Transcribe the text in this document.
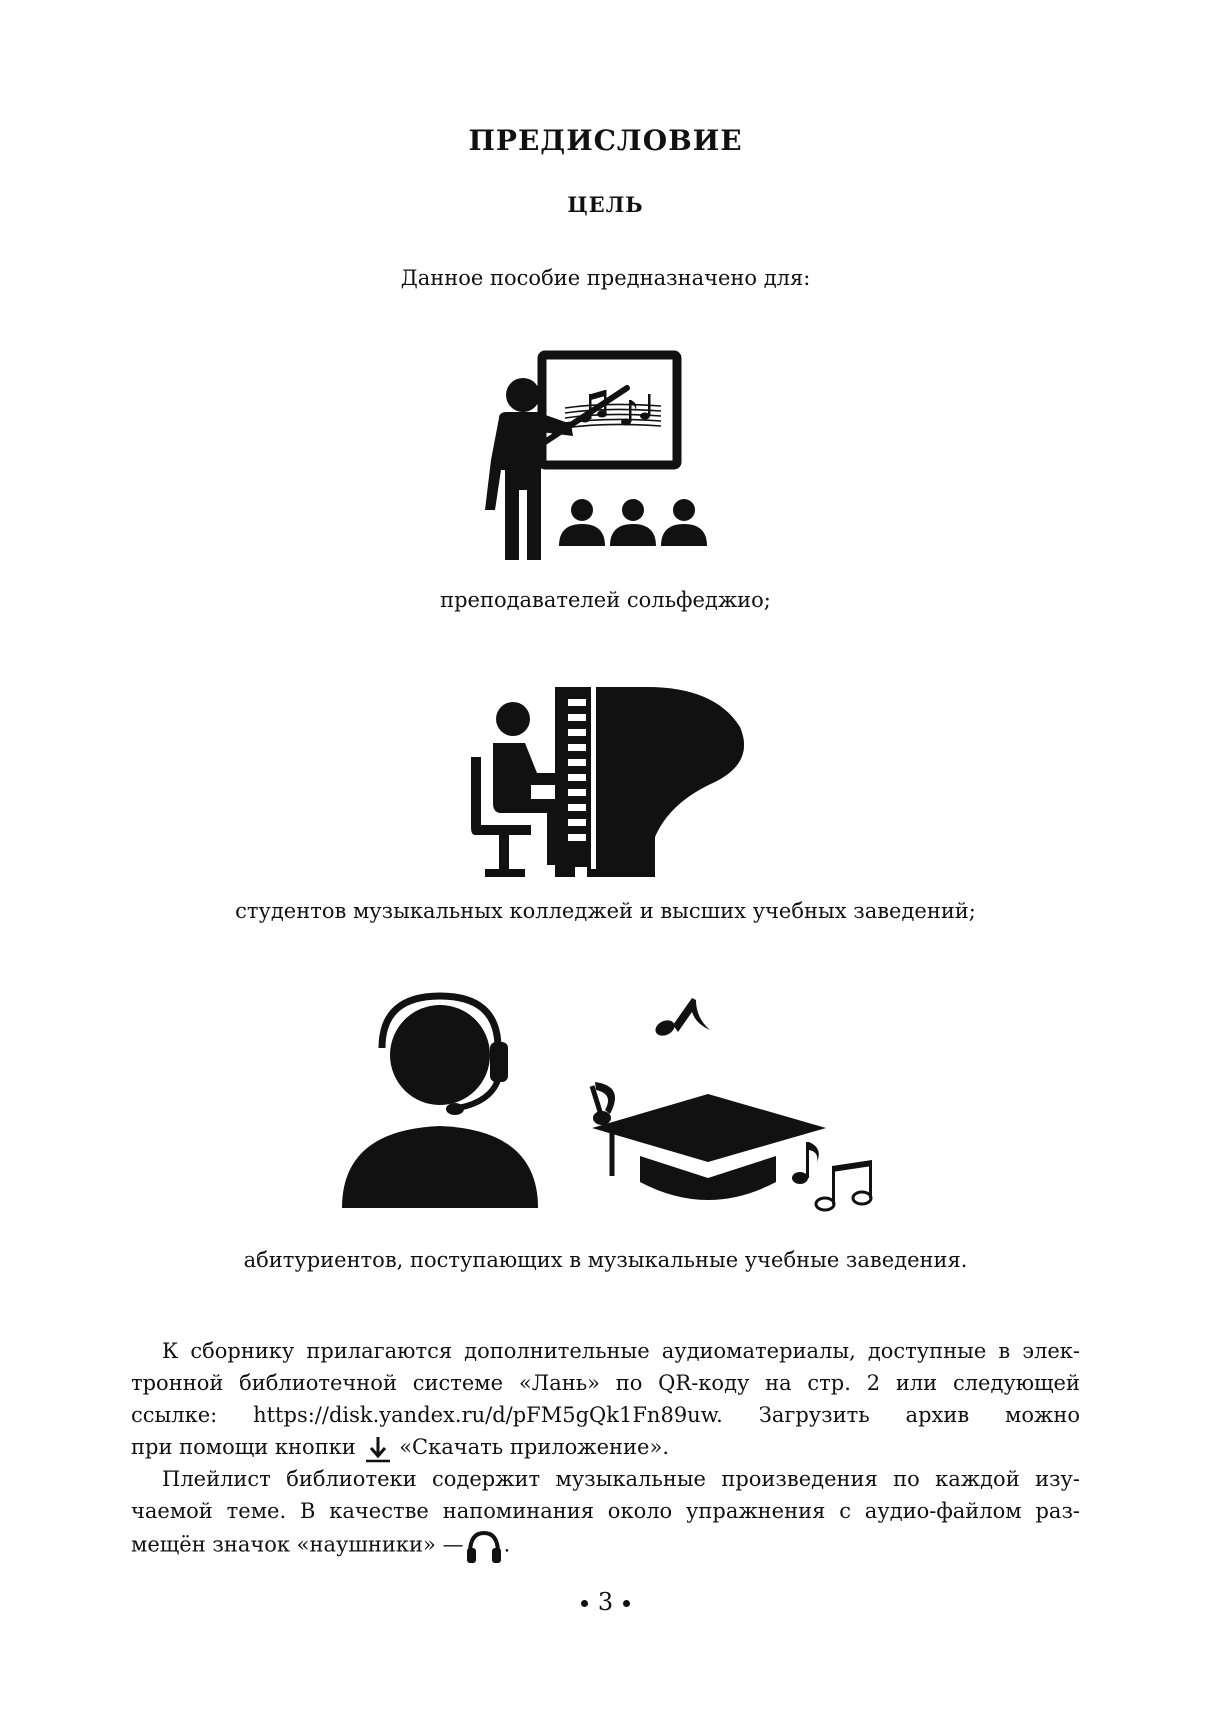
ПРЕДИСЛОВИЕ
ЦЕЛЬ
Данное пособие предназначено для:
преподавателей сольфеджио;
студентов музыкальных колледжей и высших учебных заведений;
абитуриентов, поступающих в музыкальные учебные заведения.
К сборнику прилагаются дополнительные аудиоматериалы, доступные в элек-
тронной библиотечной системе «Лань» по QR-коду на стр. 2 или следующей
ссылке: https://disk.yandex.ru/d/pFM5gQk1Fn89uw. Загрузить архив можно
при помощи кнопки «Скачать приложение».
Плейлист библиотеки содержит музыкальные произведения по каждой изу-
чаемой теме. В качестве напоминания около упражнения с аудио-файлом раз-
мещён значок «наушники» — .
3
